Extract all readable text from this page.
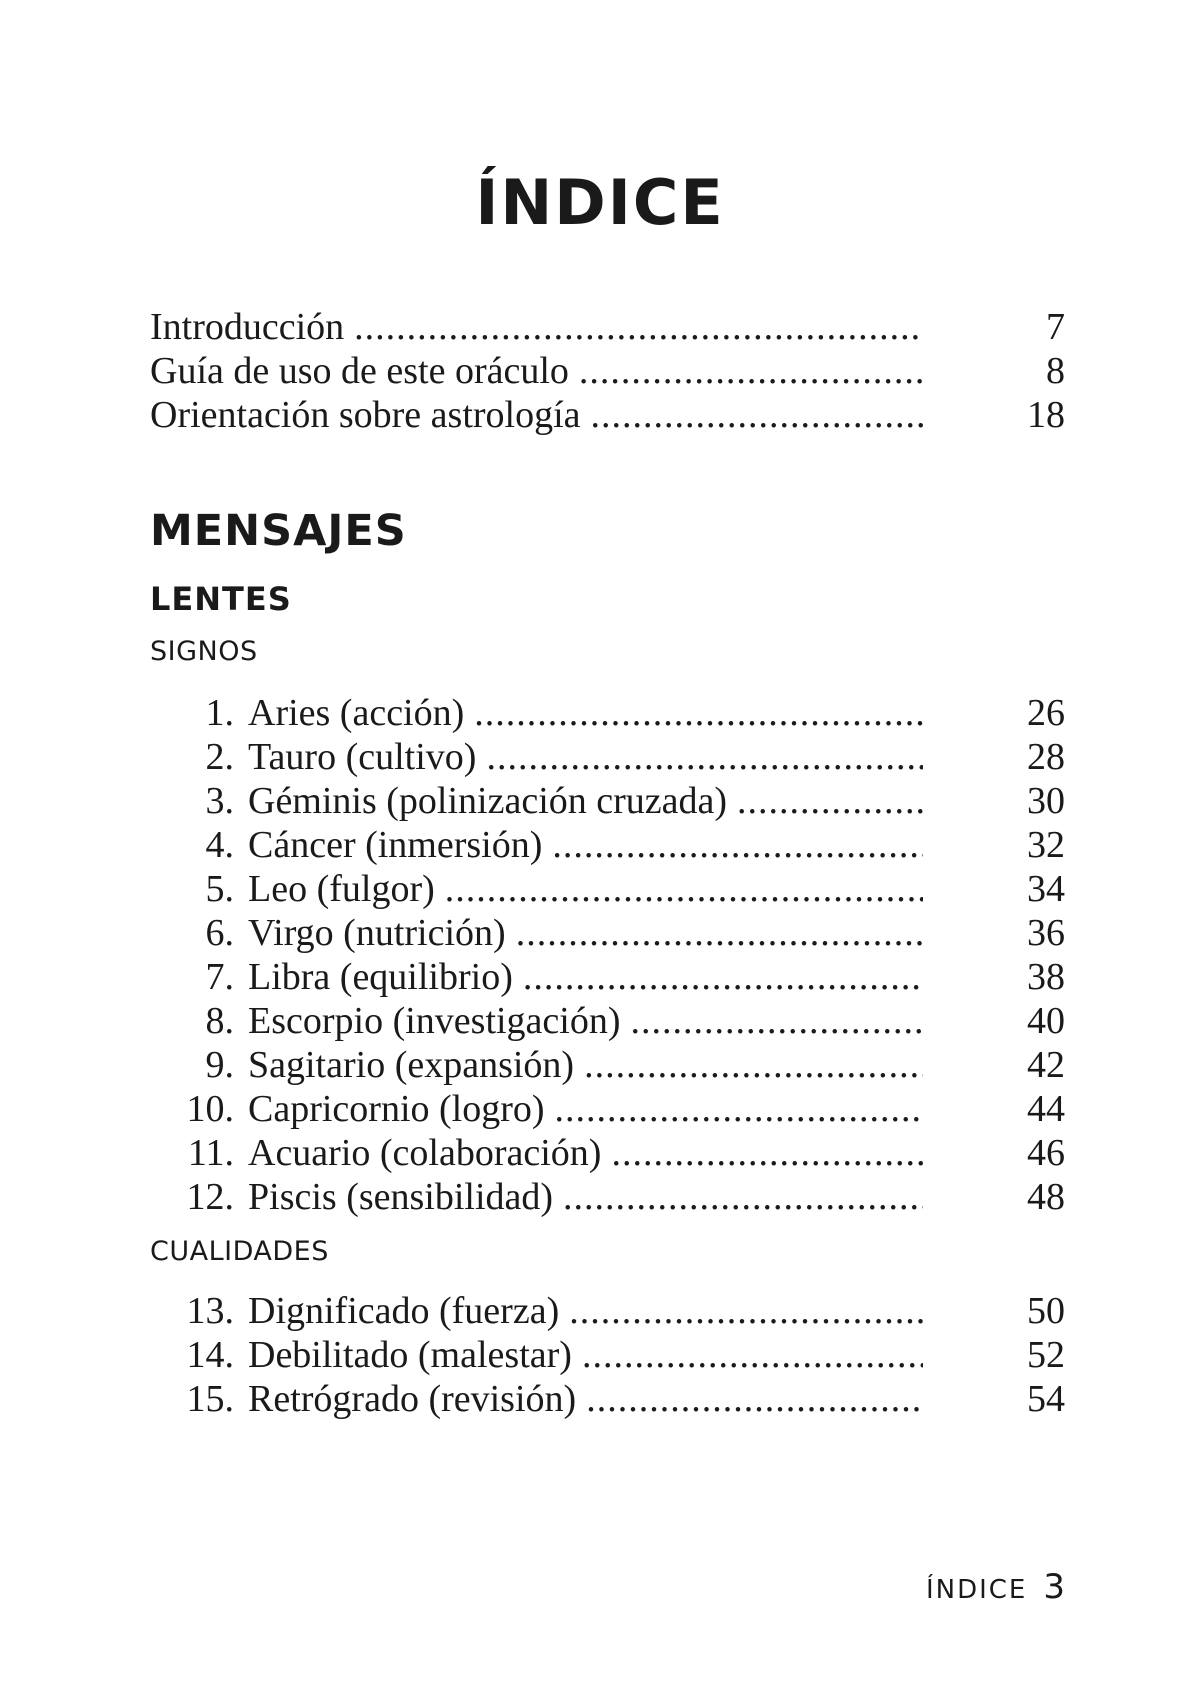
ÍNDICE
Introducción .....	7
Guía de uso de este oráculo .....	8
Orientación sobre astrología .....	18
MENSAJES
LENTES
SIGNOS
1. Aries (acción) .....	26
2. Tauro (cultivo) .....	28
3. Géminis (polinización cruzada) .....	30
4. Cáncer (inmersión) .....	32
5. Leo (fulgor) .....	34
6. Virgo (nutrición) .....	36
7. Libra (equilibrio) .....	38
8. Escorpio (investigación) .....	40
9. Sagitario (expansión) .....	42
10. Capricornio (logro) .....	44
11. Acuario (colaboración) .....	46
12. Piscis (sensibilidad) .....	48
CUALIDADES
13. Dignificado (fuerza) .....	50
14. Debilitado (malestar) .....	52
15. Retrógrado (revisión) .....	54
ÍNDICE 3
